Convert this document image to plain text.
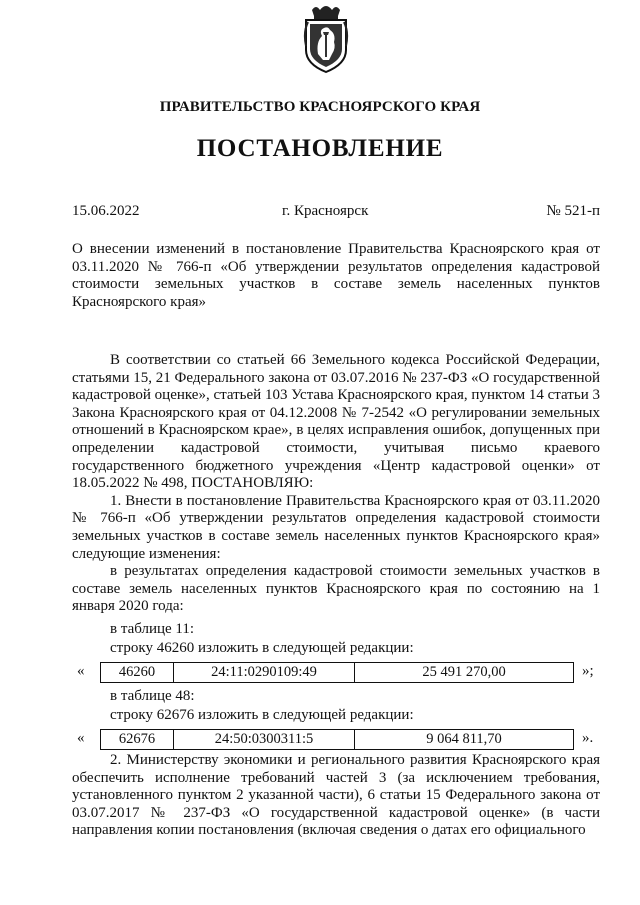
ПРАВИТЕЛЬСТВО КРАСНОЯРСКОГО КРАЯ
ПОСТАНОВЛЕНИЕ
15.06.2022	г. Красноярск	№ 521-п

О внесении изменений в постановление Правительства Красноярского края от 03.11.2020 № 766-п «Об утверждении результатов определения кадастровой стоимости земельных участков в составе земель населенных пунктов Красноярского края»

В соответствии со статьей 66 Земельного кодекса Российской Федерации, статьями 15, 21 Федерального закона от 03.07.2016 № 237-ФЗ «О государственной кадастровой оценке», статьей 103 Устава Красноярского края, пунктом 14 статьи 3 Закона Красноярского края от 04.12.2008 № 7-2542 «О регулировании земельных отношений в Красноярском крае», в целях исправления ошибок, допущенных при определении кадастровой стоимости, учитывая письмо краевого государственного бюджетного учреждения «Центр кадастровой оценки» от 18.05.2022 № 498, ПОСТАНОВЛЯЮ:

1. Внести в постановление Правительства Красноярского края от 03.11.2020 № 766-п «Об утверждении результатов определения кадастровой стоимости земельных участков в составе земель населенных пунктов Красноярского края» следующие изменения:

в результатах определения кадастровой стоимости земельных участков в составе земель населенных пунктов Красноярского края по состоянию на 1 января 2020 года:

в таблице 11:
строку 46260 изложить в следующей редакции:
« 46260	24:11:0290109:49	25 491 270,00	»;
в таблице 48:
строку 62676 изложить в следующей редакции:
« 62676	24:50:0300311:5	9 064 811,70	».

2. Министерству экономики и регионального развития Красноярского края обеспечить исполнение требований частей 3 (за исключением требования, установленного пунктом 2 указанной части), 6 статьи 15 Федерального закона от 03.07.2017 № 237-ФЗ «О государственной кадастровой оценке» (в части направления копии постановления (включая сведения о датах его официального
